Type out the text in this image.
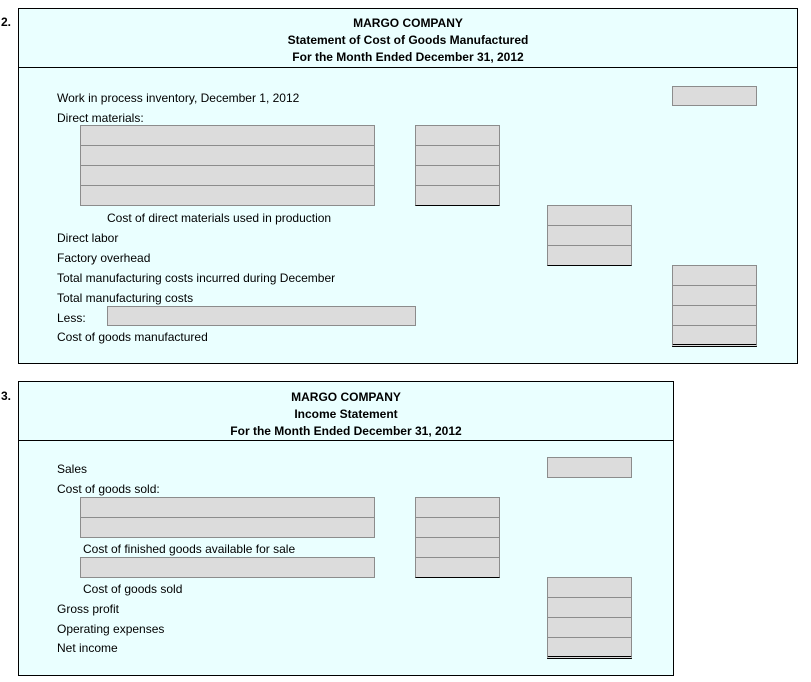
2.	MARGO COMPANY
Statement of Cost of Goods Manufactured
For the Month Ended December 31, 2012
Work in process inventory, December 1, 2012
Direct materials:
Cost of direct materials used in production
Direct labor
Factory overhead
Total manufacturing costs incurred during December
Total manufacturing costs
Less:
Cost of goods manufactured
3.	MARGO COMPANY
Income Statement
For the Month Ended December 31, 2012
Sales
Cost of goods sold:
Cost of finished goods available for sale
Cost of goods sold
Gross profit
Operating expenses
Net income
